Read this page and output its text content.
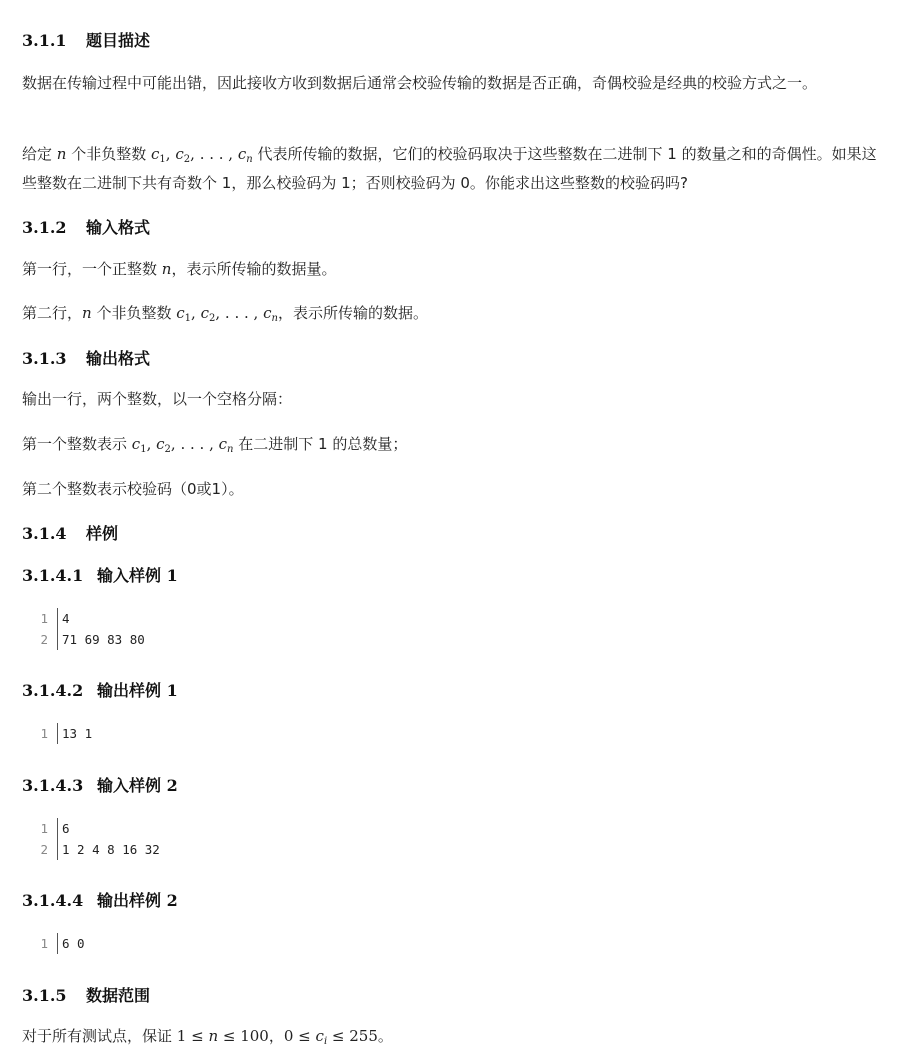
3.1.1 题目描述

数据在传输过程中可能出错，因此接收方收到数据后通常会校验传输的数据是否正确，奇偶校验是经典的校验方式之一。

给定 n 个非负整数 $c_1$, $c_2$, . . . , $c_n$ 代表所传输的数据，它们的校验码取决于这些整数在二进制下 1 的数量之和的奇偶性。如果这些整数在二进制下共有奇数个 1，那么校验码为 1；否则校验码为 0。你能求出这些整数的校验码吗?

3.1.2 输入格式

第一行，一个正整数 n，表示所传输的数据量。

第二行，n 个非负整数 $c_1$, $c_2$, . . . , $c_n$，表示所传输的数据。

3.1.3 输出格式

输出一行，两个整数，以一个空格分隔：

第一个整数表示 $c_1$, $c_2$, . . . , $c_n$ 在二进制下 1 的总数量；

第二个整数表示校验码（0或1）。

3.1.4 样例
3.1.4.1 输入样例 1
1	4
2	71 69 83 80
3.1.4.2 输出样例 1
1	13 1
3.1.4.3 输入样例 2
1	6
2	1 2 4 8 16 32
3.1.4.4 输出样例 2
1	6 0
3.1.5 数据范围

对于所有测试点，保证 1 ≤ n ≤ 100，$0 \le c_i \le 255$。
